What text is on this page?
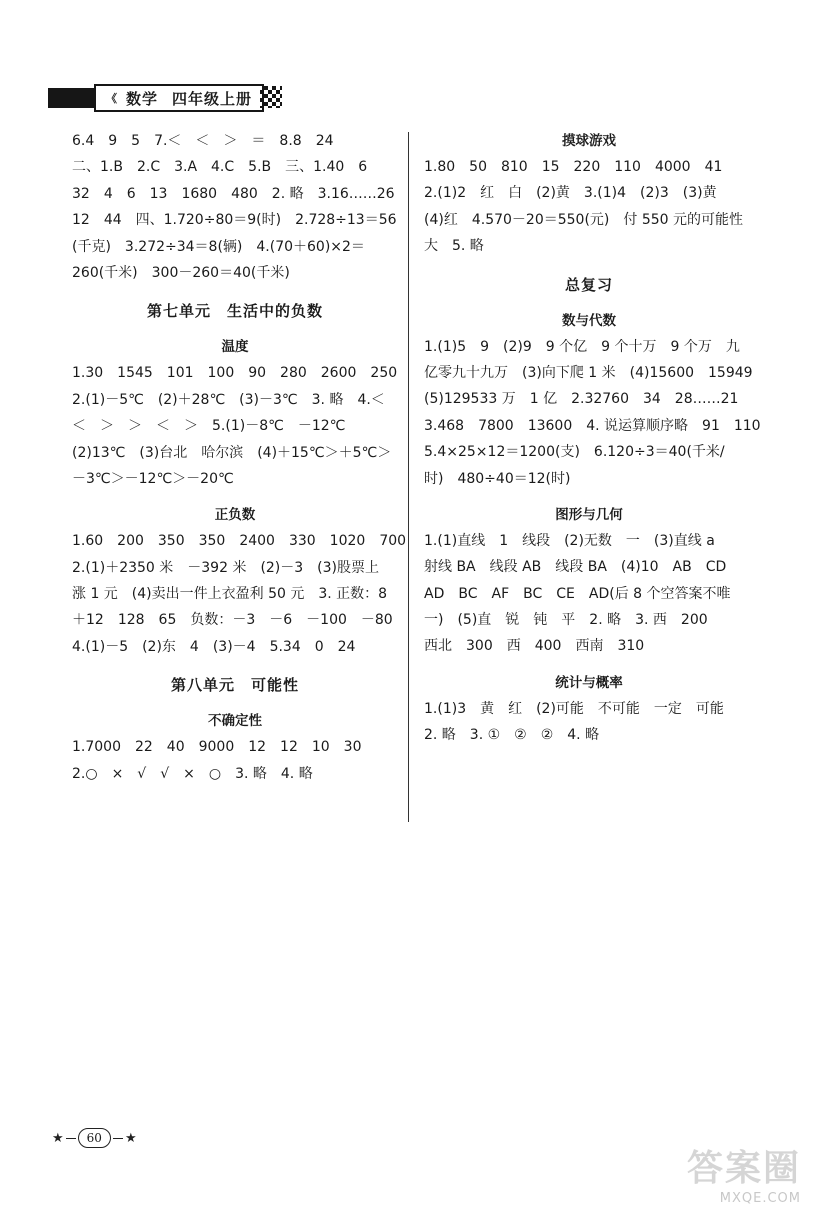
《 数学 四年级上册
6.4　9　5　7.＜　＜　＞　＝　8.8　24
二、1.B　2.C　3.A　4.C　5.B　三、1.40　6
32　4　6　13　1680　480　2. 略　3.16……26
12　44　四、1.720÷80＝9(时)　2.728÷13＝56
(千克)　3.272÷34＝8(辆)　4.(70＋60)×2＝
260(千米)　300－260＝40(千米)
第七单元　生活中的负数
温度
1.30　1545　101　100　90　280　2600　250
2.(1)－5℃　(2)＋28℃　(3)－3℃　3. 略　4.＜
＜　＞　＞　＜　＞　5.(1)－8℃　－12℃
(2)13℃　(3)台北　哈尔滨　(4)＋15℃＞＋5℃＞
－3℃＞－12℃＞－20℃
正负数
1.60　200　350　350　2400　330　1020　700
2.(1)＋2350 米　－392 米　(2)－3　(3)股票上
涨 1 元　(4)卖出一件上衣盈利 50 元　3. 正数：8
＋12　128　65　负数：－3　－6　－100　－80
4.(1)－5　(2)东　4　(3)－4　5.34　0　24
第八单元　可能性
不确定性
1.7000　22　40　9000　12　12　10　30
2.○　×　√　√　×　○　3. 略　4. 略
摸球游戏
1.80　50　810　15　220　110　4000　41
2.(1)2　红　白　(2)黄　3.(1)4　(2)3　(3)黄
(4)红　4.570－20＝550(元)　付 550 元的可能性
大　5. 略
总复习
数与代数
1.(1)5　9　(2)9　9 个亿　9 个十万　9 个万　九
亿零九十九万　(3)向下爬 1 米　(4)15600　15949
(5)129533 万　1 亿　2.32760　34　28……21
3.468　7800　13600　4. 说运算顺序略　91　110
5.4×25×12＝1200(支)　6.120÷3＝40(千米/
时)　480÷40＝12(时)
图形与几何
1.(1)直线　1　线段　(2)无数　一　(3)直线 a
射线 BA　线段 AB　线段 BA　(4)10　AB　CD
AD　BC　AF　BC　CE　AD(后 8 个空答案不唯
一)　(5)直　锐　钝　平　2. 略　3. 西　200
西北　300　西　400　西南　310
统计与概率
1.(1)3　黄　红　(2)可能　不可能　一定　可能
2. 略　3. ①　②　②　4. 略
★	60	★
答案圈
MXQE.COM
